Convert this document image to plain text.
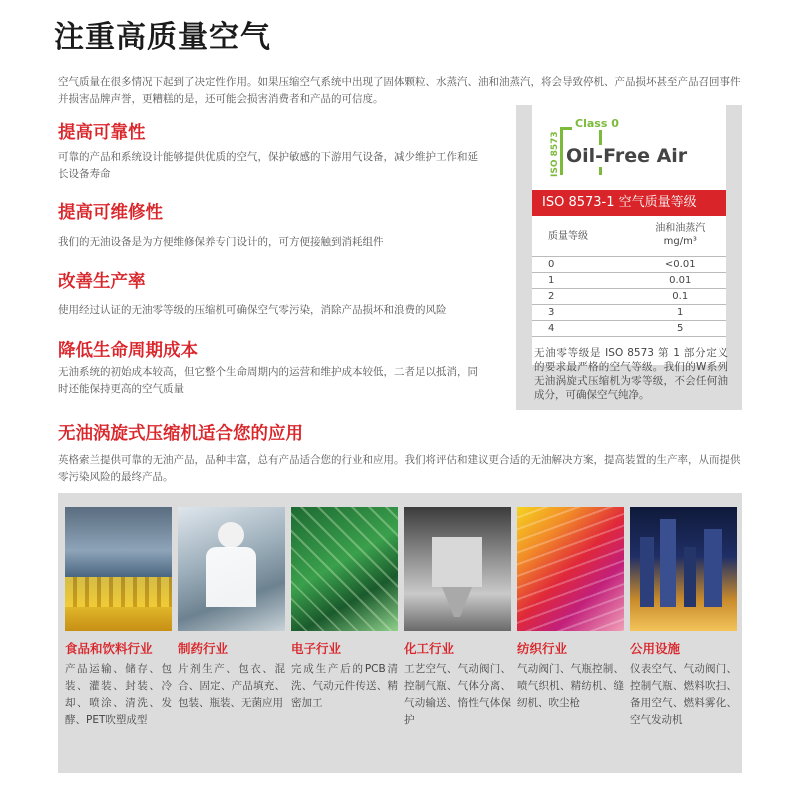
注重高质量空气
空气质量在很多情况下起到了决定性作用。如果压缩空气系统中出现了固体颗粒、水蒸汽、油和油蒸汽，将会导致停机、产品损坏甚至产品召回事件并损害品牌声誉，更糟糕的是，还可能会损害消费者和产品的可信度。
提高可靠性
可靠的产品和系统设计能够提供优质的空气，保护敏感的下游用气设备，减少维护工作和延长设备寿命
提高可维修性
我们的无油设备是为方便维修保养专门设计的，可方便接触到消耗组件
改善生产率
使用经过认证的无油零等级的压缩机可确保空气零污染，消除产品损坏和浪费的风险
降低生命周期成本
无油系统的初始成本较高，但它整个生命周期内的运营和维护成本较低，二者足以抵消，同时还能保持更高的空气质量
Class 0
ISO 8573 Oil-Free Air
ISO 8573-1 空气质量等级
质量等级	油和油蒸汽
mg/m³
0	<0.01
1	0.01
2	0.1
3	1
4	5
无油零等级是 ISO 8573 第 1 部分定义的要求最严格的空气等级。我们的W系列无油涡旋式压缩机为零等级，不会任何油成分，可确保空气纯净。
无油涡旋式压缩机适合您的应用
英格索兰提供可靠的无油产品，品种丰富，总有产品适合您的行业和应用。我们将评估和建议更合适的无油解决方案，提高装置的生产率，从而提供零污染风险的最终产品。
食品和饮料行业
产品运输、储存、包装、灌装、封装、冷却、喷涂、清洗、发酵、PET吹塑成型
制药行业
片剂生产、包衣、混合、固定、产品填充、包装、瓶装、无菌应用
电子行业
完成生产后的PCB清洗、气动元件传送、精密加工
化工行业
工艺空气、气动阀门、控制气瓶、气体分离、气动输送、惰性气体保护
纺织行业
气动阀门、气瓶控制、喷气织机、精纺机、缝纫机、吹尘枪
公用设施
仪表空气、气动阀门、控制气瓶、燃料吹扫、备用空气、燃料雾化、空气发动机
